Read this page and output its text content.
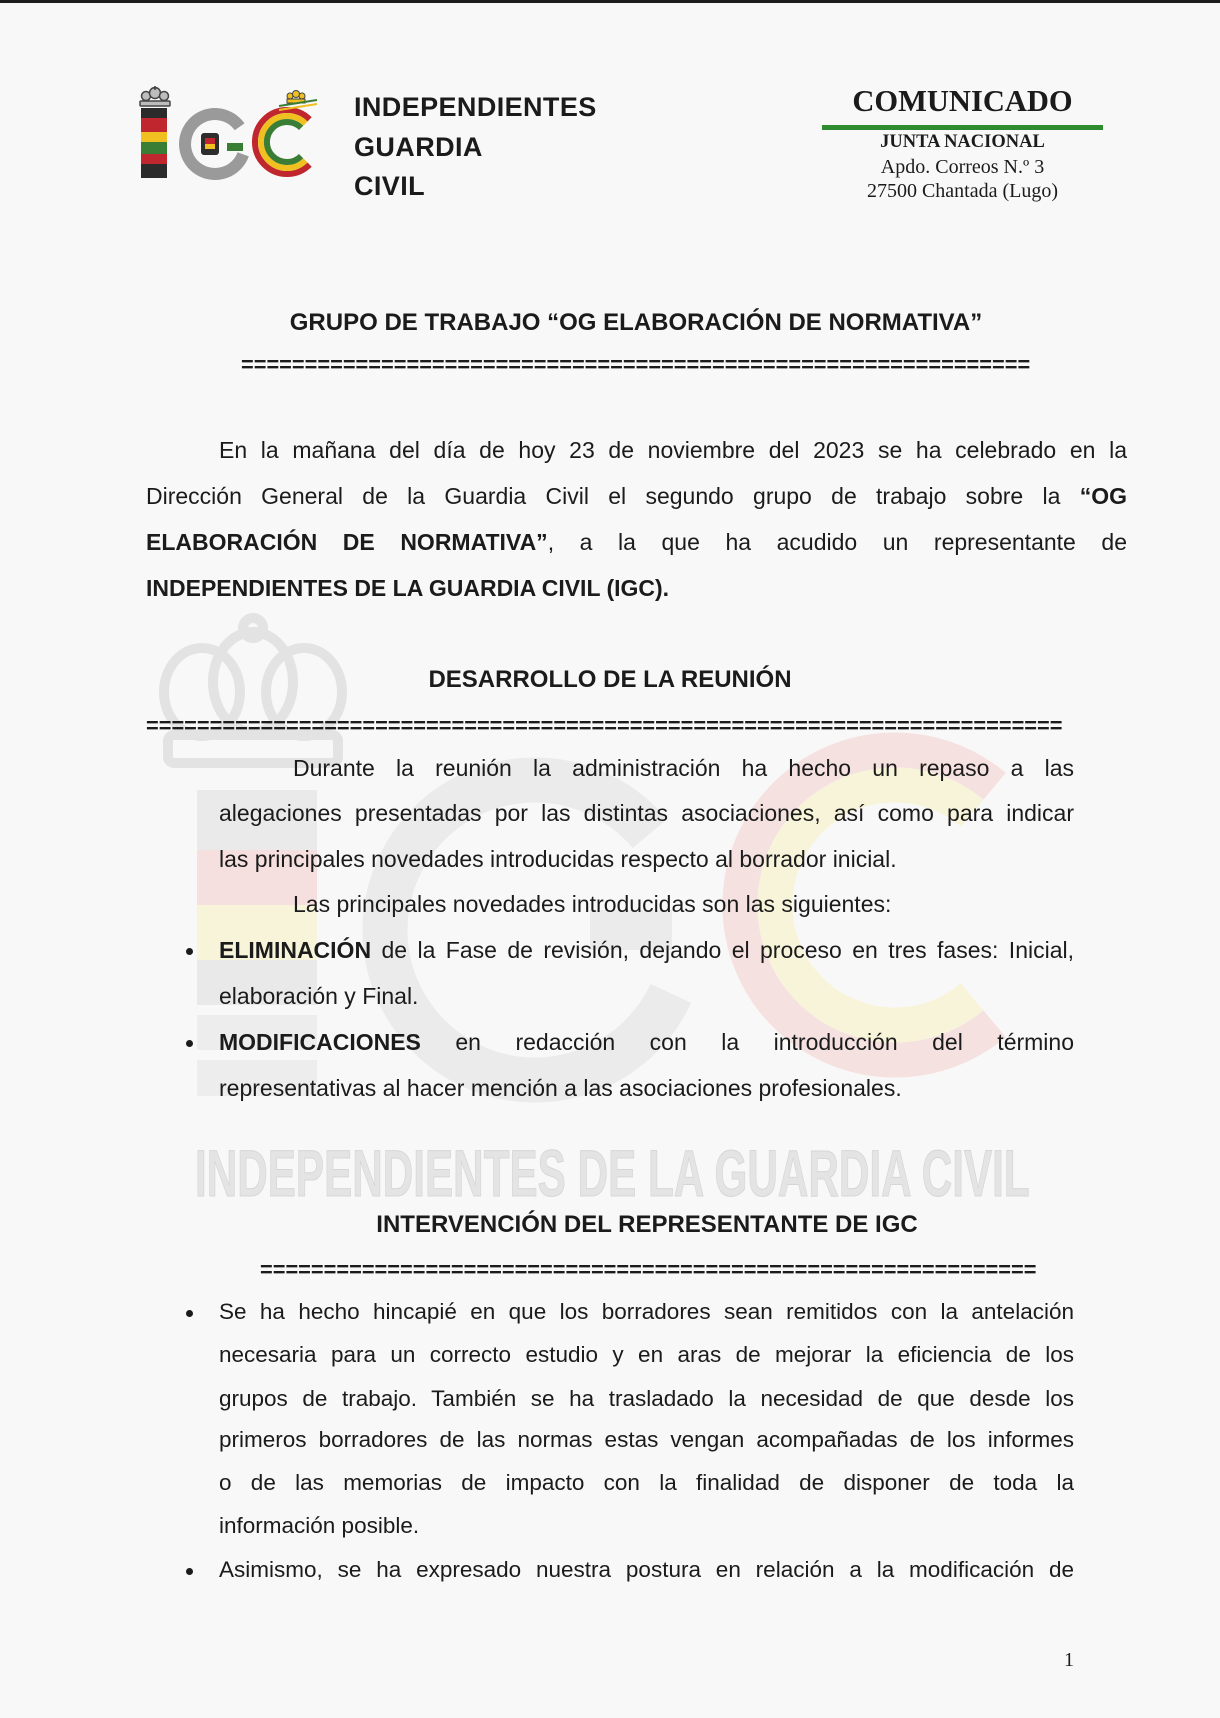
INDEPENDIENTES
GUARDIA
CIVIL
COMUNICADO
JUNTA NACIONAL
Apdo. Correos N.º 3
27500 Chantada (Lugo)
GRUPO DE TRABAJO “OG ELABORACIÓN DE NORMATIVA”
==============================================================
En la mañana del día de hoy 23 de noviembre del 2023 se ha celebrado en la
Dirección General de la Guardia Civil el segundo grupo de trabajo sobre la “OG
ELABORACIÓN DE NORMATIVA”, a la que ha acudido un representante de
INDEPENDIENTES DE LA GUARDIA CIVIL (IGC).
DESARROLLO DE LA REUNIÓN
========================================================================
Durante la reunión la administración ha hecho un repaso a las
alegaciones presentadas por las distintas asociaciones, así como para indicar
las principales novedades introducidas respecto al borrador inicial.
Las principales novedades introducidas son las siguientes:
ELIMINACIÓN de la Fase de revisión, dejando el proceso en tres fases: Inicial,
elaboración y Final.
MODIFICACIONES en redacción con la introducción del término
representativas al hacer mención a las asociaciones profesionales.
INDEPENDIENTES DE LA GUARDIA CIVIL
INTERVENCIÓN DEL REPRESENTANTE DE IGC
=============================================================
Se ha hecho hincapié en que los borradores sean remitidos con la antelación
necesaria para un correcto estudio y en aras de mejorar la eficiencia de los
grupos de trabajo. También se ha trasladado la necesidad de que desde los
primeros borradores de las normas estas vengan acompañadas de los informes
o de las memorias de impacto con la finalidad de disponer de toda la
información posible.
Asimismo, se ha expresado nuestra postura en relación a la modificación de
1
